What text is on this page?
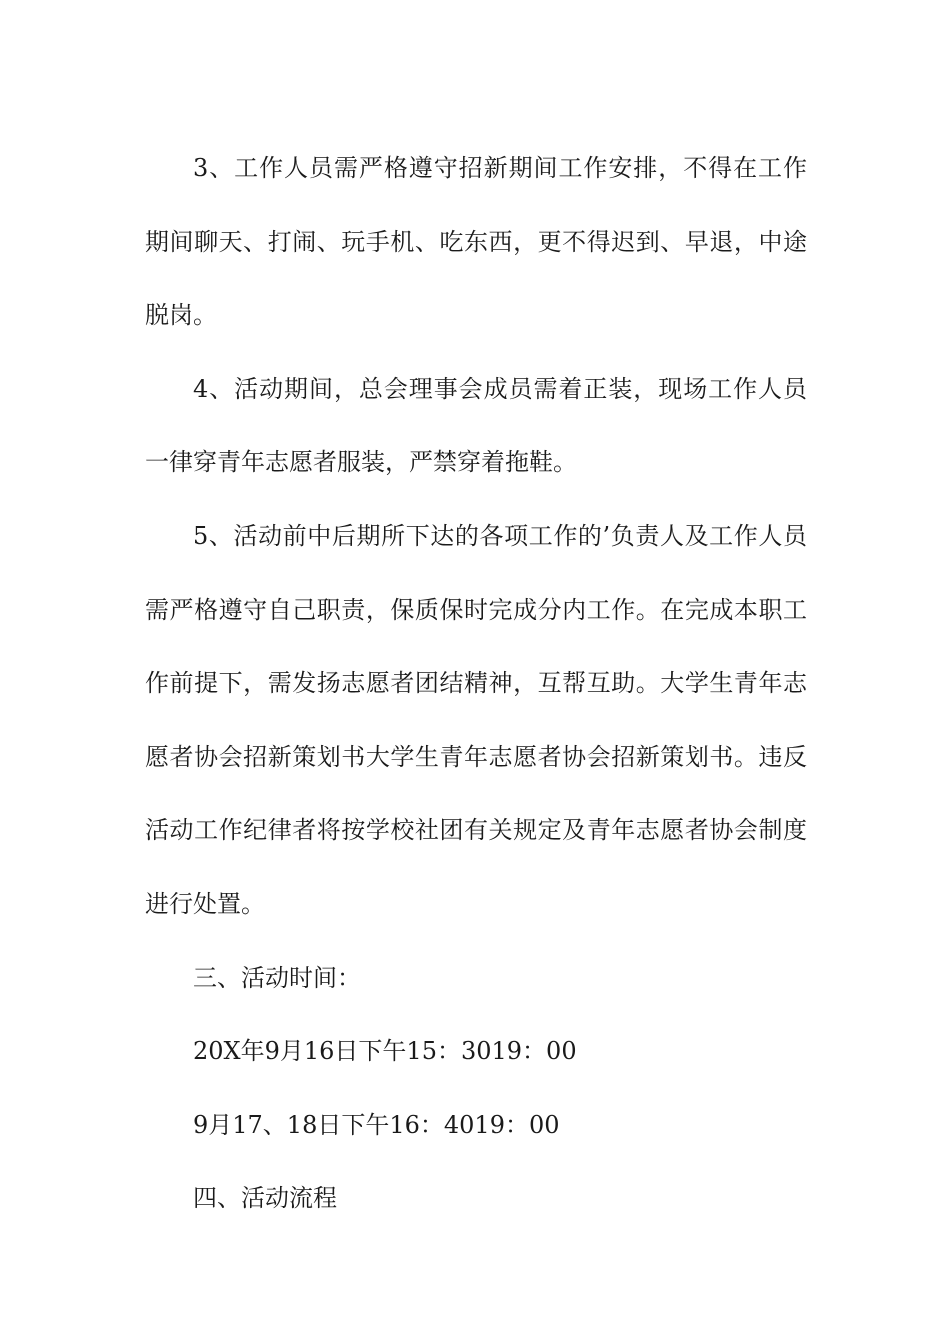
3、工作人员需严格遵守招新期间工作安排，不得在工作期间聊天、打闹、玩手机、吃东西，更不得迟到、早退，中途脱岗。

4、活动期间，总会理事会成员需着正装，现场工作人员一律穿青年志愿者服装，严禁穿着拖鞋。

5、活动前中后期所下达的各项工作的’负责人及工作人员需严格遵守自己职责，保质保时完成分内工作。在完成本职工作前提下，需发扬志愿者团结精神，互帮互助。大学生青年志愿者协会招新策划书大学生青年志愿者协会招新策划书。违反活动工作纪律者将按学校社团有关规定及青年志愿者协会制度进行处置。

三、活动时间：

20X年9月16日下午15：3019：00

9月17、18日下午16：4019：00

四、活动流程
